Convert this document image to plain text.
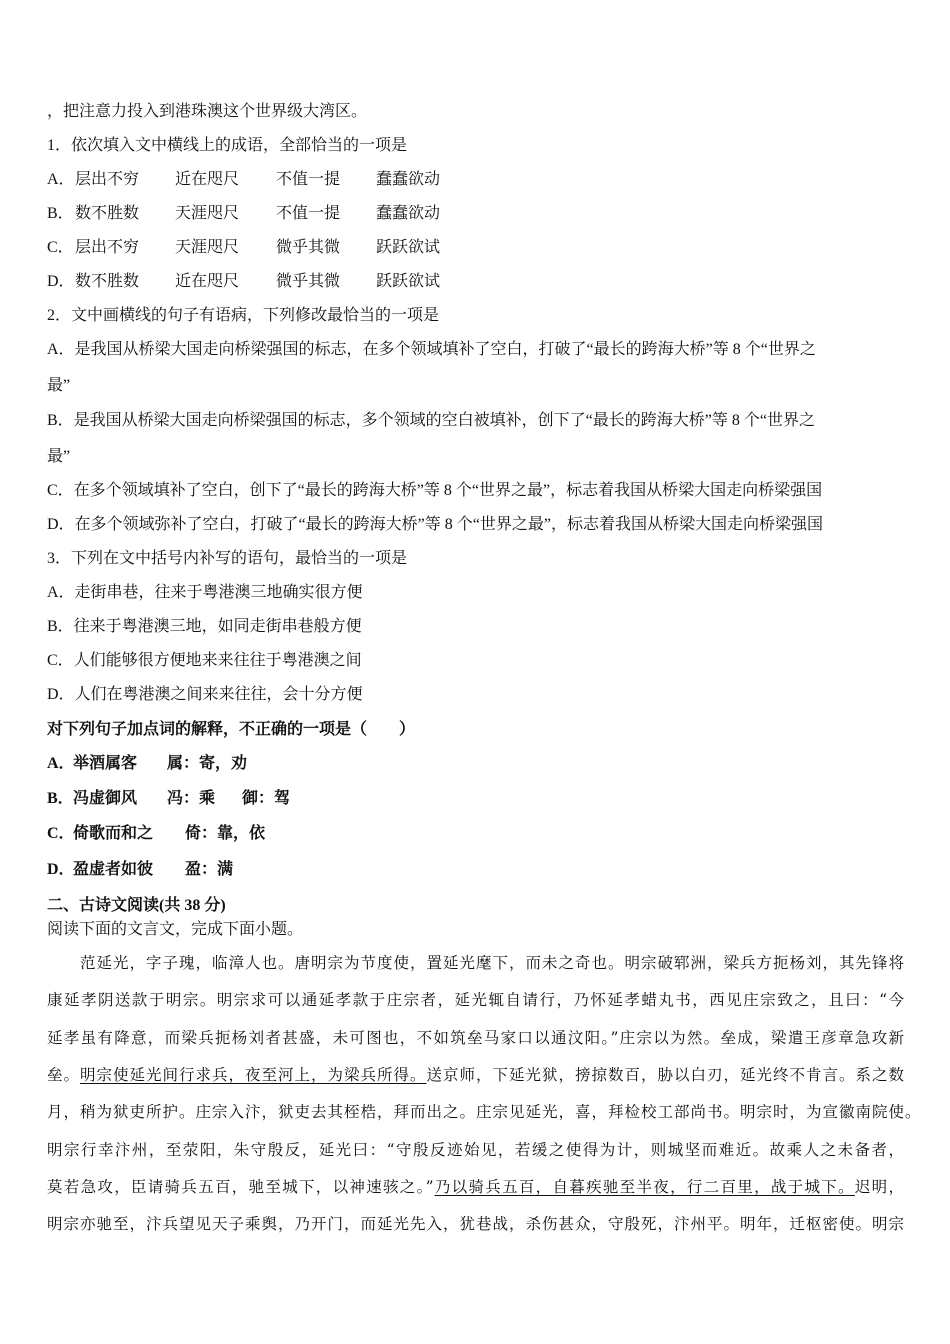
，把注意力投入到港珠澳这个世界级大湾区。
1．依次填入文中横线上的成语，全部恰当的一项是
A． 层出不穷 近在咫尺 不值一提 蠢蠢欲动
B． 数不胜数 天涯咫尺 不值一提 蠢蠢欲动
C． 层出不穷 天涯咫尺 微乎其微 跃跃欲试
D． 数不胜数 近在咫尺 微乎其微 跃跃欲试
2．文中画横线的句子有语病，下列修改最恰当的一项是
A．是我国从桥梁大国走向桥梁强国的标志，在多个领域填补了空白，打破了“最长的跨海大桥”等 8 个“世界之
最”
B．是我国从桥梁大国走向桥梁强国的标志，多个领域的空白被填补，创下了“最长的跨海大桥”等 8 个“世界之
最”
C．在多个领域填补了空白，创下了“最长的跨海大桥”等 8 个“世界之最”，标志着我国从桥梁大国走向桥梁强国
D．在多个领域弥补了空白，打破了“最长的跨海大桥”等 8 个“世界之最”，标志着我国从桥梁大国走向桥梁强国
3．下列在文中括号内补写的语句，最恰当的一项是
A．走街串巷，往来于粤港澳三地确实很方便
B．往来于粤港澳三地，如同走街串巷般方便
C．人们能够很方便地来来往往于粤港澳之间
D．人们在粤港澳之间来来往往，会十分方便
对下列句子加点词的解释，不正确的一项是（　　）
A．
举酒属客 属：寄，劝
B． 冯虚御风 冯：乘 御：驾
C．
倚歌而和之 倚：靠，依
D．
盈虚者如彼 盈：满
二、古诗文阅读(共 38 分)
阅读下面的文言文，完成下面小题。
范延光，字子瑰，临漳人也。唐明宗为节度使，置延光麾下，而未之奇也。明宗破郓洲，梁兵方扼杨刘，其先锋将
康延孝阴送款于明宗。明宗求可以通延孝款于庄宗者，延光辄自请行，乃怀延孝蜡丸书，西见庄宗致之，且曰：“今
延孝虽有降意，而梁兵扼杨刘者甚盛，未可图也，不如筑垒马家口以通汶阳。”庄宗以为然。垒成，梁遣王彦章急攻新
垒。明宗使延光间行求兵，夜至河上，为梁兵所得。送京师，下延光狱，搒掠数百，胁以白刃，延光终不肯言。系之数
月，稍为狱吏所护。庄宗入汴，狱吏去其桎梏，拜而出之。庄宗见延光，喜，拜检校工部尚书。明宗时，为宣徽南院使。
明宗行幸汴州，至荥阳，朱守殷反，延光曰：“守殷反迹始见，若缓之使得为计，则城坚而难近。故乘人之未备者，
莫若急攻，臣请骑兵五百，驰至城下，以神速骇之。”乃以骑兵五百，自暮疾驰至半夜，行二百里，战于城下。迟明，
明宗亦驰至，汴兵望见天子乘舆，乃开门，而延光先入，犹巷战，杀伤甚众，守殷死，汴州平。明年，迁枢密使。明宗
